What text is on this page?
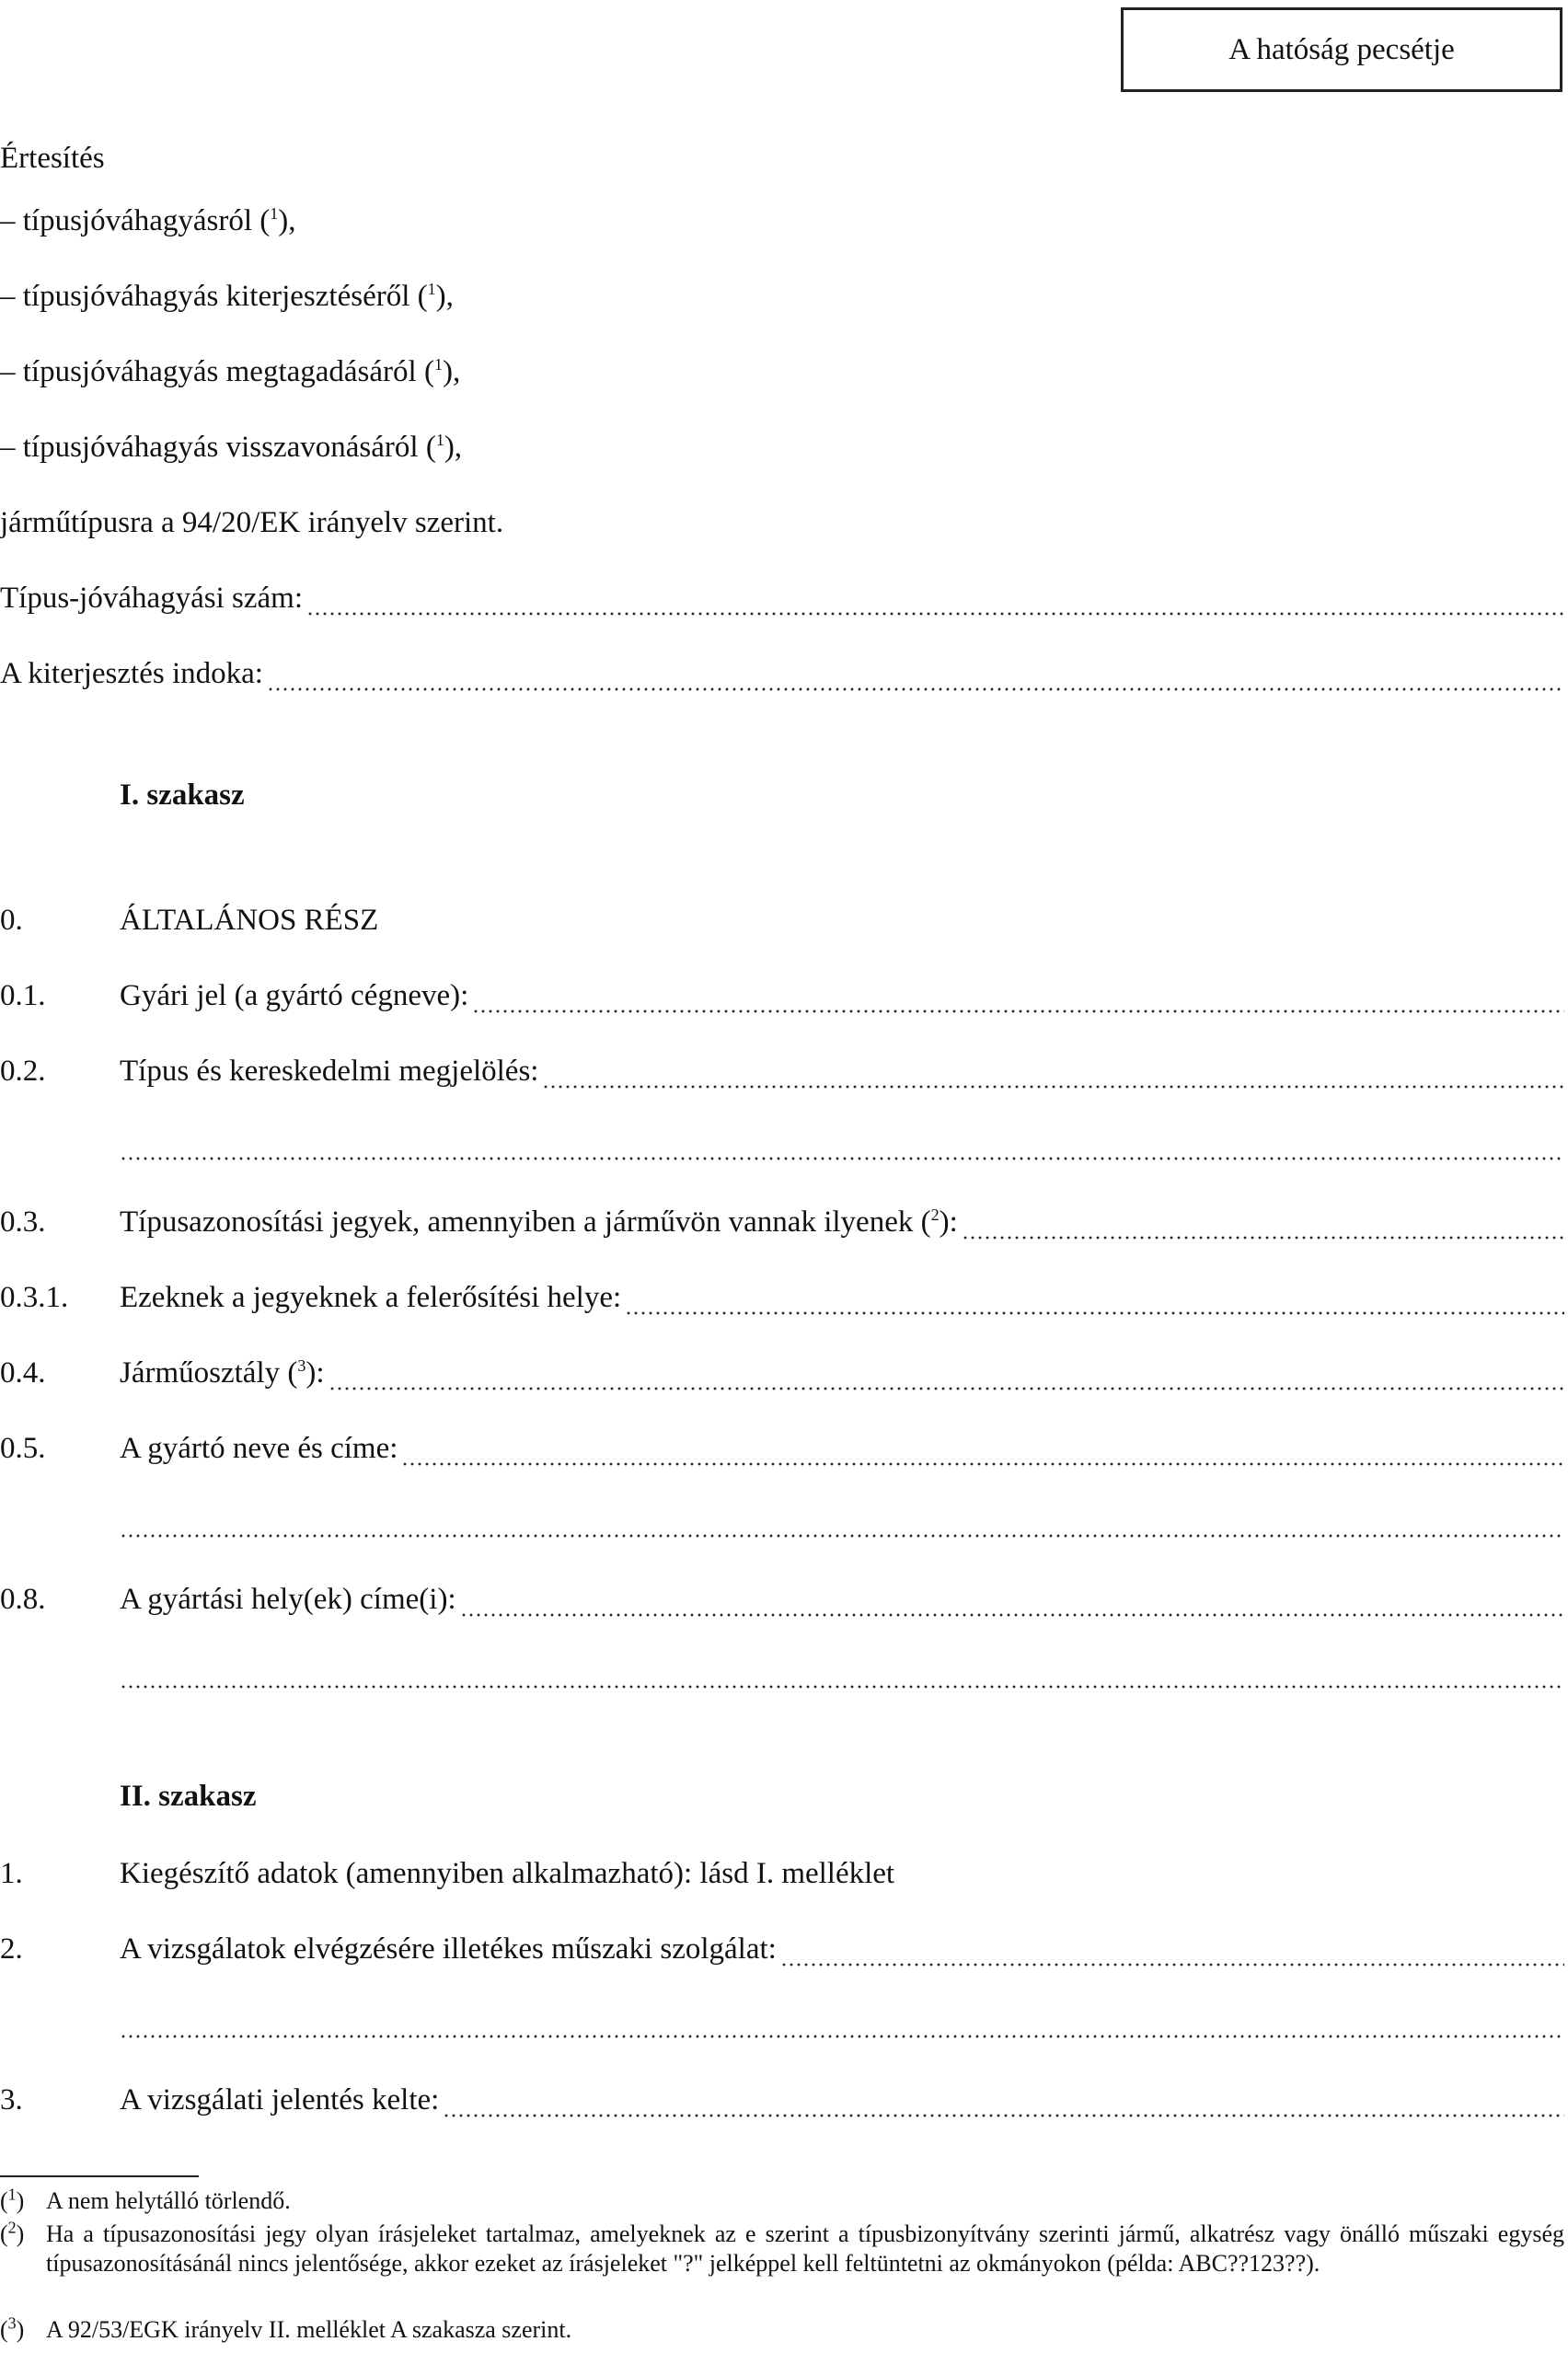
A hatóság pecsétje
Értesítés
– típusjóváhagyásról ($^1$),
– típusjóváhagyás kiterjesztéséről ($^1$),
– típusjóváhagyás megtagadásáról ($^1$),
– típusjóváhagyás visszavonásáról ($^1$),
járműtípusra a 94/20/EK irányelv szerint.
Típus-jóváhagyási szám:
A kiterjesztés indoka:
I. szakasz
0.	ÁLTALÁNOS RÉSZ
0.1.	Gyári jel (a gyártó cégneve):
0.2.	Típus és kereskedelmi megjelölés:
0.3.	Típusazonosítási jegyek, amennyiben a járművön vannak ilyenek ($^2$):
0.3.1.	Ezeknek a jegyeknek a felerősítési helye:
0.4.	Járműosztály ($^3$):
0.5.	A gyártó neve és címe:
0.8.	A gyártási hely(ek) címe(i):
II. szakasz
1.	Kiegészítő adatok (amennyiben alkalmazható): lásd I. melléklet
2.	A vizsgálatok elvégzésére illetékes műszaki szolgálat:
3.	A vizsgálati jelentés kelte:
($^1$) A nem helytálló törlendő.
($^2$) Ha a típusazonosítási jegy olyan írásjeleket tartalmaz, amelyeknek az e szerint a típusbizonyítvány szerinti jármű, alkatrész vagy önálló műszaki egység típusazonosításánál nincs jelentősége, akkor ezeket az írásjeleket "?" jelképpel kell feltüntetni az okmányokon (példa: ABC??123??).
($^3$) A 92/53/EGK irányelv II. melléklet A szakasza szerint.
